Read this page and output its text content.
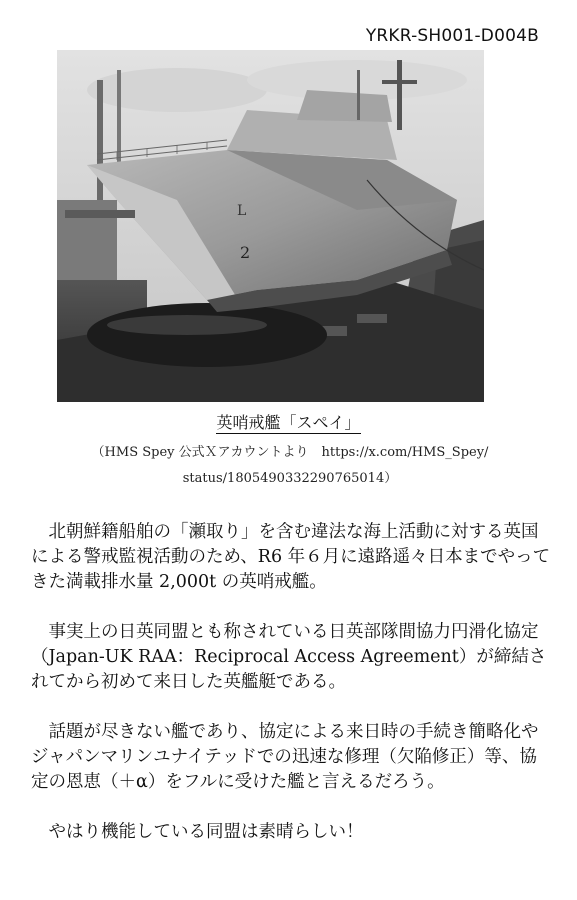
YRKR-SH001-D004B
2
L
英哨戒艦「スペイ」
（HMS Spey 公式Ｘアカウントより　https://x.com/HMS_Spey/
status/1805490332290765014）

北朝鮮籍船舶の「瀬取り」を含む違法な海上活動に対する英国による警戒監視活動のため、R6 年６月に遠路遥々日本までやってきた満載排水量 2,000t の英哨戒艦。

事実上の日英同盟とも称されている日英部隊間協力円滑化協定（Japan-UK RAA：Reciprocal Access Agreement）が締結されてから初めて来日した英艦艇である。

話題が尽きない艦であり、協定による来日時の手続き簡略化やジャパンマリンユナイテッドでの迅速な修理（欠陥修正）等、協定の恩恵（＋α）をフルに受けた艦と言えるだろう。

やはり機能している同盟は素晴らしい！
